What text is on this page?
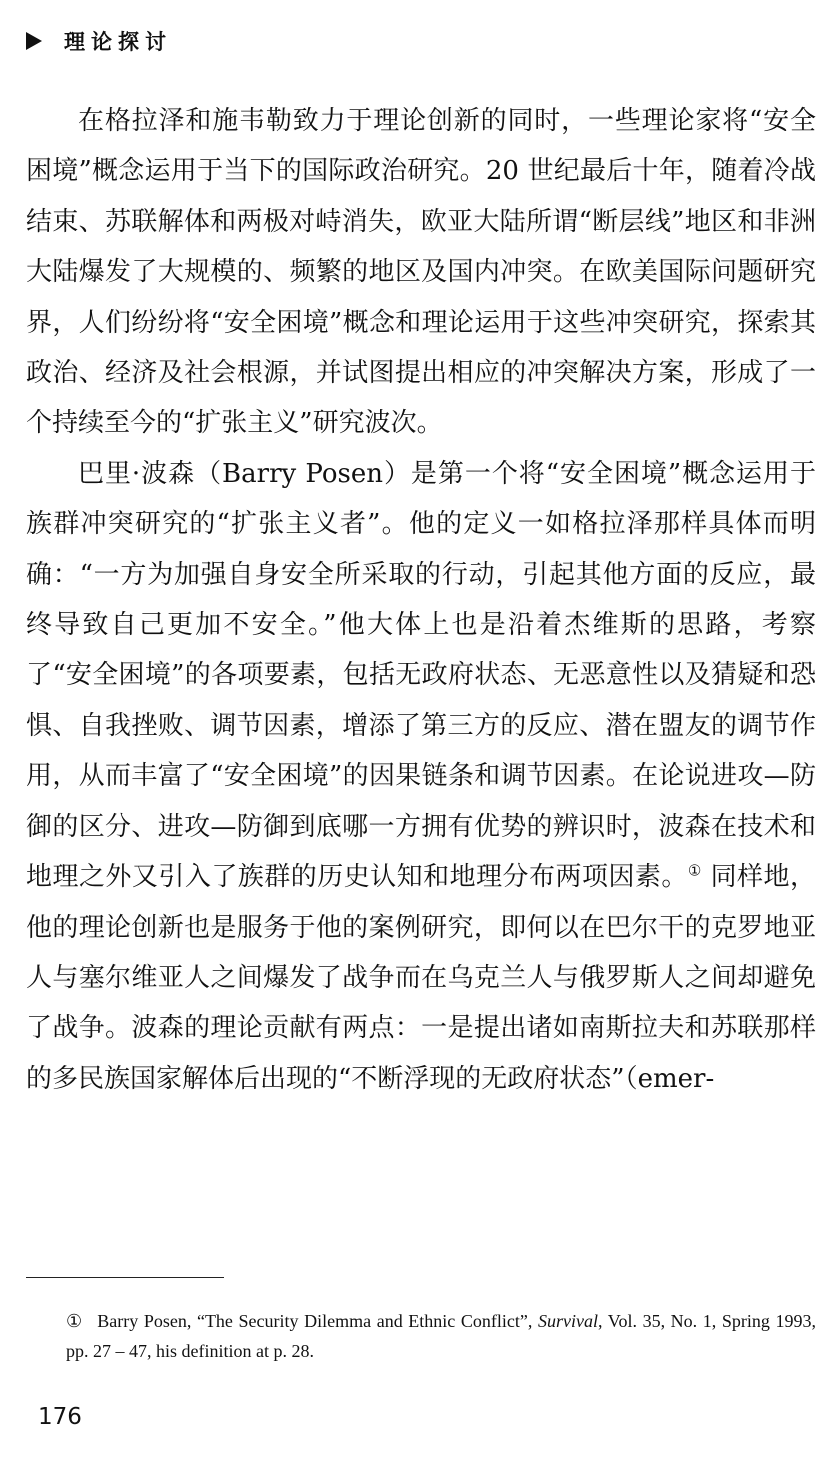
理论探讨

在格拉泽和施韦勒致力于理论创新的同时，一些理论家将“安全困境”概念运用于当下的国际政治研究。20 世纪最后十年，随着冷战结束、苏联解体和两极对峙消失，欧亚大陆所谓“断层线”地区和非洲大陆爆发了大规模的、频繁的地区及国内冲突。在欧美国际问题研究界，人们纷纷将“安全困境”概念和理论运用于这些冲突研究，探索其政治、经济及社会根源，并试图提出相应的冲突解决方案，形成了一个持续至今的“扩张主义”研究波次。

巴里·波森（Barry Posen）是第一个将“安全困境”概念运用于族群冲突研究的“扩张主义者”。他的定义一如格拉泽那样具体而明确：“一方为加强自身安全所采取的行动，引起其他方面的反应，最终导致自己更加不安全。”他大体上也是沿着杰维斯的思路，考察了“安全困境”的各项要素，包括无政府状态、无恶意性以及猜疑和恐惧、自我挫败、调节因素，增添了第三方的反应、潜在盟友的调节作用，从而丰富了“安全困境”的因果链条和调节因素。在论说进攻—防御的区分、进攻—防御到底哪一方拥有优势的辨识时，波森在技术和地理之外又引入了族群的历史认知和地理分布两项因素。① 同样地，他的理论创新也是服务于他的案例研究，即何以在巴尔干的克罗地亚人与塞尔维亚人之间爆发了战争而在乌克兰人与俄罗斯人之间却避免了战争。波森的理论贡献有两点：一是提出诸如南斯拉夫和苏联那样的多民族国家解体后出现的“不断浮现的无政府状态”（emer-

① Barry Posen, “The Security Dilemma and Ethnic Conflict”, Survival, Vol. 35, No. 1, Spring 1993, pp. 27 – 47, his definition at p. 28.
176
